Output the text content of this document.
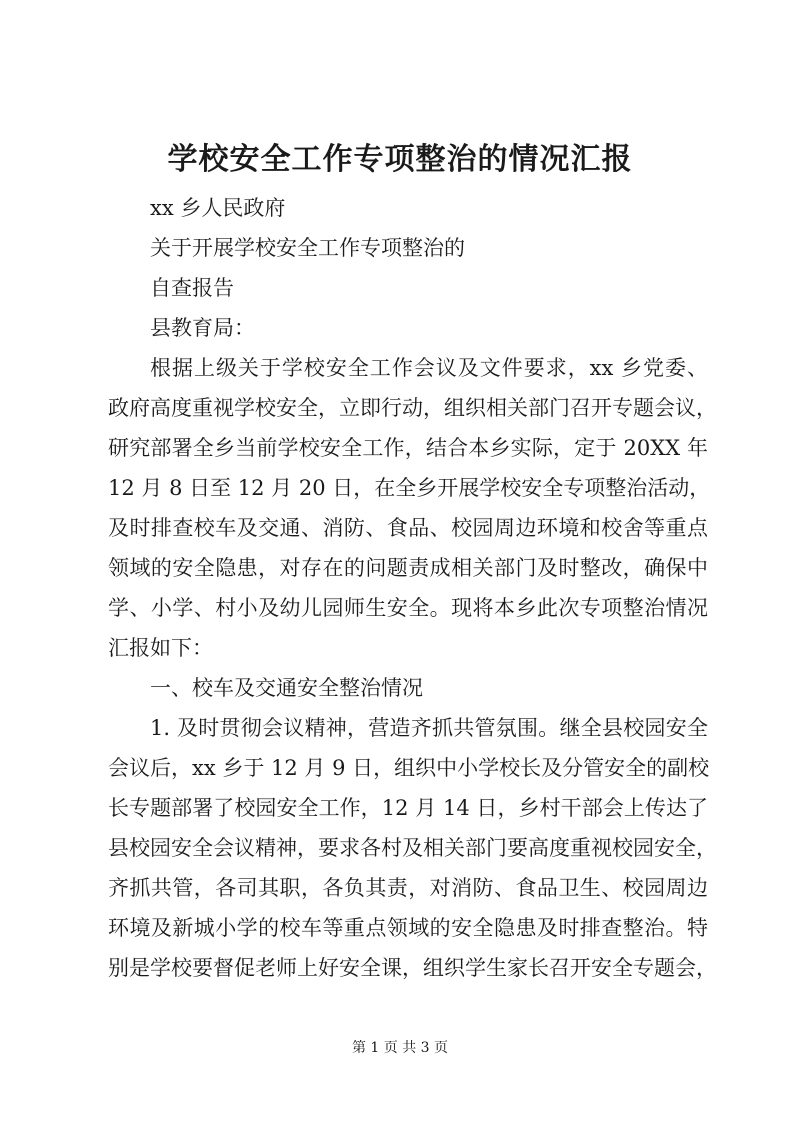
学校安全工作专项整治的情况汇报
xx 乡人民政府
关于开展学校安全工作专项整治的
自查报告
县教育局：
根据上级关于学校安全工作会议及文件要求，xx 乡党委、
政府高度重视学校安全，立即行动，组织相关部门召开专题会议，
研究部署全乡当前学校安全工作，结合本乡实际，定于 20XX 年
12 月 8 日至 12 月 20 日，在全乡开展学校安全专项整治活动，
及时排查校车及交通、消防、食品、校园周边环境和校舍等重点
领域的安全隐患，对存在的问题责成相关部门及时整改，确保中
学、小学、村小及幼儿园师生安全。现将本乡此次专项整治情况
汇报如下：
一、校车及交通安全整治情况
1. 及时贯彻会议精神，营造齐抓共管氛围。继全县校园安全
会议后，xx 乡于 12 月 9 日，组织中小学校长及分管安全的副校
长专题部署了校园安全工作，12 月 14 日，乡村干部会上传达了
县校园安全会议精神，要求各村及相关部门要高度重视校园安全，
齐抓共管，各司其职，各负其责，对消防、食品卫生、校园周边
环境及新城小学的校车等重点领域的安全隐患及时排查整治。特
别是学校要督促老师上好安全课，组织学生家长召开安全专题会，
第 1 页 共 3 页
